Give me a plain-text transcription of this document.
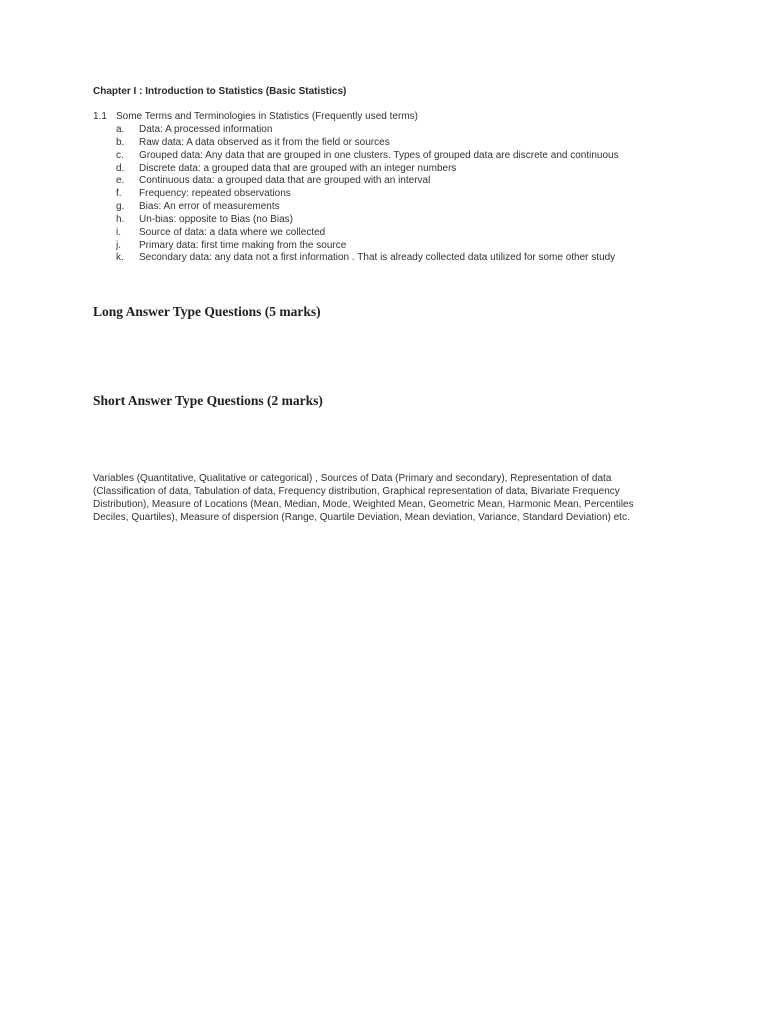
Chapter I : Introduction to Statistics (Basic Statistics)
1.1 Some Terms and Terminologies in Statistics (Frequently used terms)
a. Data: A processed information
b. Raw data: A data observed as it from the field or sources
c. Grouped data: Any data that are grouped in one clusters. Types of grouped data are discrete and continuous
d. Discrete data: a grouped data that are grouped with an integer numbers
e. Continuous data: a grouped data that are grouped with an interval
f. Frequency: repeated observations
g. Bias: An error of measurements
h. Un-bias: opposite to Bias (no Bias)
i. Source of data: a data where we collected
j. Primary data: first time making from the source
k. Secondary data: any data not a first information . That is already collected data utilized for some other study
Long Answer Type Questions (5 marks)
Short Answer Type Questions (2 marks)

Variables (Quantitative, Qualitative or categorical) , Sources of Data (Primary and secondary), Representation of data (Classification of data, Tabulation of data, Frequency distribution, Graphical representation of data, Bivariate Frequency Distribution), Measure of Locations (Mean, Median, Mode, Weighted Mean, Geometric Mean, Harmonic Mean, Percentiles Deciles, Quartiles), Measure of dispersion (Range, Quartile Deviation, Mean deviation, Variance, Standard Deviation) etc.
